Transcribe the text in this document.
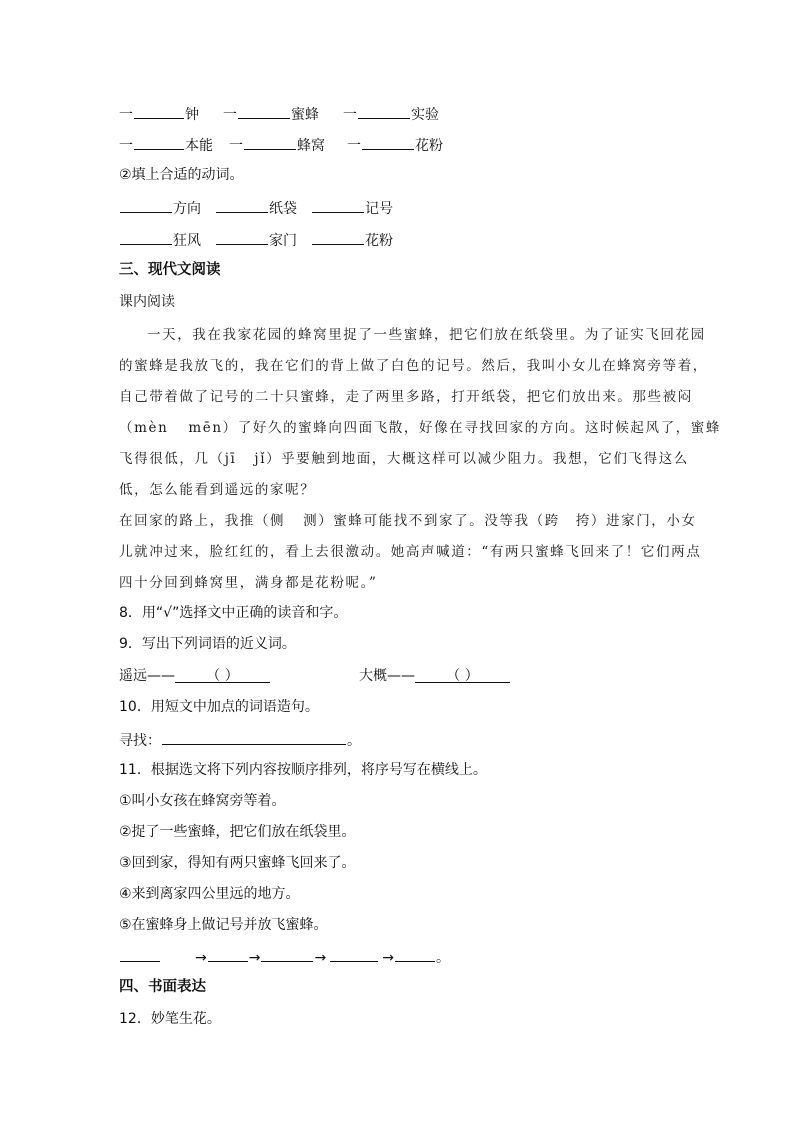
一	钟 一	蜜蜂 一	实验
一	本能 一	蜂窝 一	花粉
②填上合适的动词。
方向	纸袋	记号
狂风	家门	花粉
三、现代文阅读
课内阅读
一天，我在我家花园的蜂窝里捉了一些蜜蜂，把它们放在纸袋里。为了证实飞回花园
的蜜蜂是我放飞的，我在它们的背上做了白色的记号。然后，我叫小女儿在蜂窝旁等着，
自己带着做了记号的二十只蜜蜂，走了两里多路，打开纸袋，把它们放出来。那些被闷
（mèn mēn）了好久的蜜蜂向四面飞散，好像在寻找回家的方向。这时候起风了，蜜蜂
飞得很低，几（jī jǐ）乎要触到地面，大概这样可以减少阻力。我想，它们飞得这么
低，怎么能看到遥远的家呢？
在回家的路上，我推（侧 测）蜜蜂可能找不到家了。没等我（跨 挎）进家门，小女
儿就冲过来，脸红红的，看上去很激动。她高声喊道：“有两只蜜蜂飞回来了！它们两点
四十分回到蜂窝里，满身都是花粉呢。”
8．用“√”选择文中正确的读音和字。
9．写出下列词语的近义词。
遥远—— （ ）	大概—— （ ）
10．用短文中加点的词语造句。
寻找：	。
11．根据选文将下列内容按顺序排列，将序号写在横线上。
①叫小女孩在蜂窝旁等着。
②捉了一些蜜蜂，把它们放在纸袋里。
③回到家，得知有两只蜜蜂飞回来了。
④来到离家四公里远的地方。
⑤在蜜蜂身上做记号并放飞蜜蜂。
→	→	→	→	。
四、书面表达
12．妙笔生花。
